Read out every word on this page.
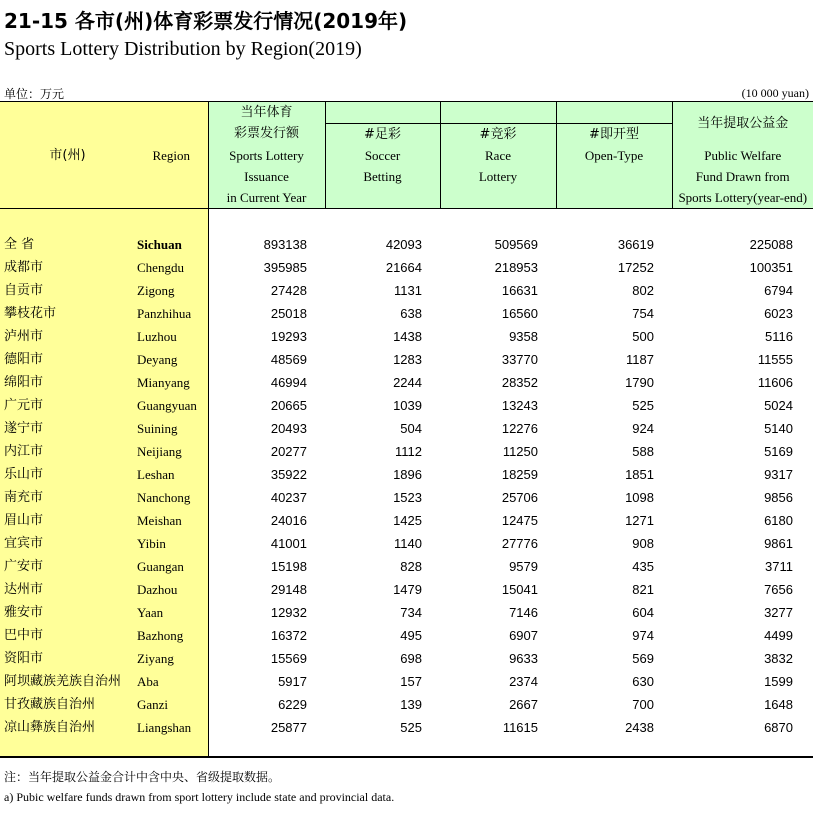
21-15 各市(州)体育彩票发行情况(2019年)
Sports Lottery Distribution by Region(2019)
单位：万元	(10 000 yuan)
		当年体育				当年提取公益金
		彩票发行额	#足彩	#竞彩	#即开型	
市(州)	Region	Sports Lottery	Soccer	Race	Open-Type	Public Welfare
		Issuance	Betting	Lottery		Fund Drawn from
		in Current Year				Sports Lottery(year-end)

全 省	Sichuan	893138	42093	509569	36619	225088
成都市	Chengdu	395985	21664	218953	17252	100351
自贡市	Zigong	27428	1131	16631	802	6794
攀枝花市	Panzhihua	25018	638	16560	754	6023
泸州市	Luzhou	19293	1438	9358	500	5116
德阳市	Deyang	48569	1283	33770	1187	11555
绵阳市	Mianyang	46994	2244	28352	1790	11606
广元市	Guangyuan	20665	1039	13243	525	5024
遂宁市	Suining	20493	504	12276	924	5140
内江市	Neijiang	20277	1112	11250	588	5169
乐山市	Leshan	35922	1896	18259	1851	9317
南充市	Nanchong	40237	1523	25706	1098	9856
眉山市	Meishan	24016	1425	12475	1271	6180
宜宾市	Yibin	41001	1140	27776	908	9861
广安市	Guangan	15198	828	9579	435	3711
达州市	Dazhou	29148	1479	15041	821	7656
雅安市	Yaan	12932	734	7146	604	3277
巴中市	Bazhong	16372	495	6907	974	4499
资阳市	Ziyang	15569	698	9633	569	3832
阿坝藏族羌族自治州	Aba	5917	157	2374	630	1599
甘孜藏族自治州	Ganzi	6229	139	2667	700	1648
凉山彝族自治州	Liangshan	25877	525	11615	2438	6870

注：当年提取公益金合计中含中央、省级提取数据。
a) Pubic welfare funds drawn from sport lottery include state and provincial data.
